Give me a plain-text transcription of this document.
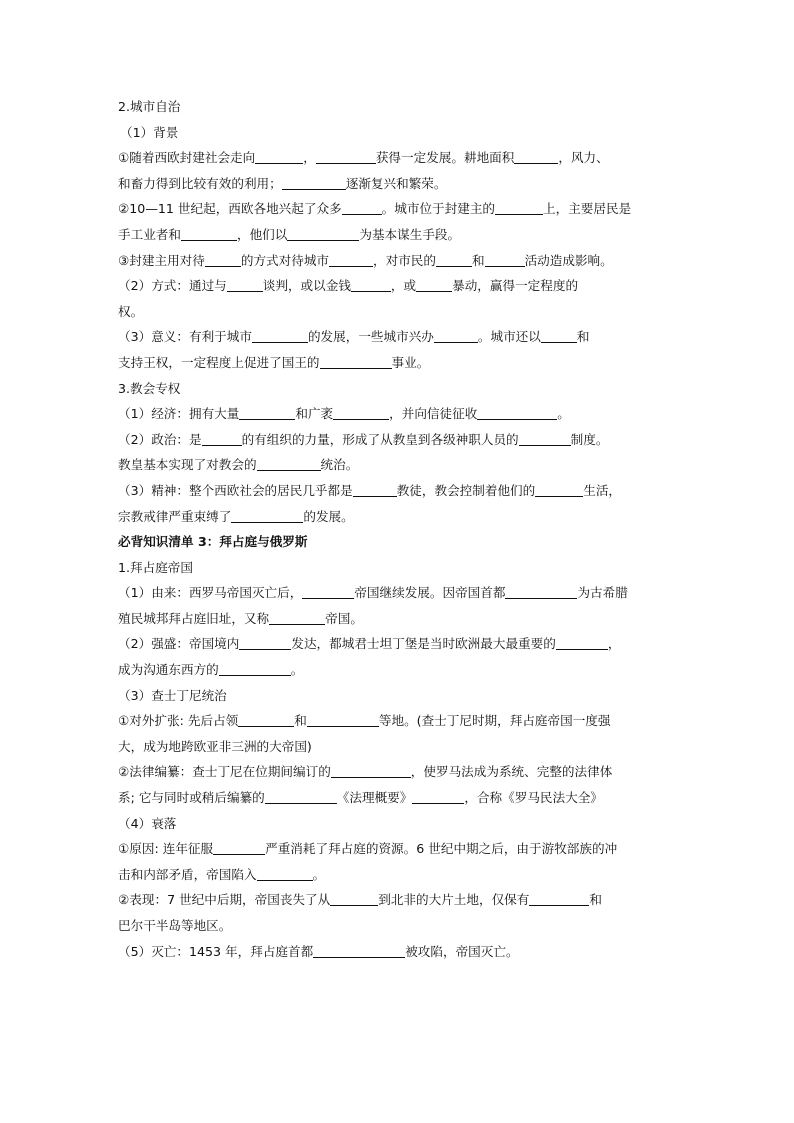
2.城市自治
（1）背景
①随着西欧封建社会走向	，	获得一定发展。耕地面积	，风力、
和畜力得到比较有效的利用；	逐渐复兴和繁荣。
②10—11 世纪起，西欧各地兴起了众多	。城市位于封建主的	上，主要居民是
手工业者和	，他们以	为基本谋生手段。
③封建主用对待	的方式对待城市	，对市民的	和	活动造成影响。
（2）方式：通过与	谈判，或以金钱	，或	暴动，赢得一定程度的
权。
（3）意义：有利于城市	的发展，一些城市兴办	。城市还以	和
支持王权，一定程度上促进了国王的	事业。
3.教会专权
（1）经济：拥有大量	和广袤	，并向信徒征收	。
（2）政治：是	的有组织的力量，形成了从教皇到各级神职人员的	制度。
教皇基本实现了对教会的	统治。
（3）精神：整个西欧社会的居民几乎都是	教徒，教会控制着他们的	生活，
宗教戒律严重束缚了	的发展。
必背知识清单 3：拜占庭与俄罗斯
1.拜占庭帝国
（1）由来：西罗马帝国灭亡后，	帝国继续发展。因帝国首都	为古希腊
殖民城邦拜占庭旧址，又称	帝国。
（2）强盛：帝国境内	发达，都城君士坦丁堡是当时欧洲最大最重要的	，
成为沟通东西方的	。
（3）查士丁尼统治
①对外扩张: 先后占领	和	等地。(查士丁尼时期，拜占庭帝国一度强
大，成为地跨欧亚非三洲的大帝国)
②法律编纂：查士丁尼在位期间编订的	，使罗马法成为系统、完整的法律体
系; 它与同时或稍后编纂的	《法理概要》	，合称《罗马民法大全》
（4）衰落
①原因: 连年征服	严重消耗了拜占庭的资源。6 世纪中期之后，由于游牧部族的冲
击和内部矛盾，帝国陷入	。
②表现：7 世纪中后期，帝国丧失了从	到北非的大片土地，仅保有	和
巴尔干半岛等地区。
（5）灭亡：1453 年，拜占庭首都	被攻陷，帝国灭亡。
